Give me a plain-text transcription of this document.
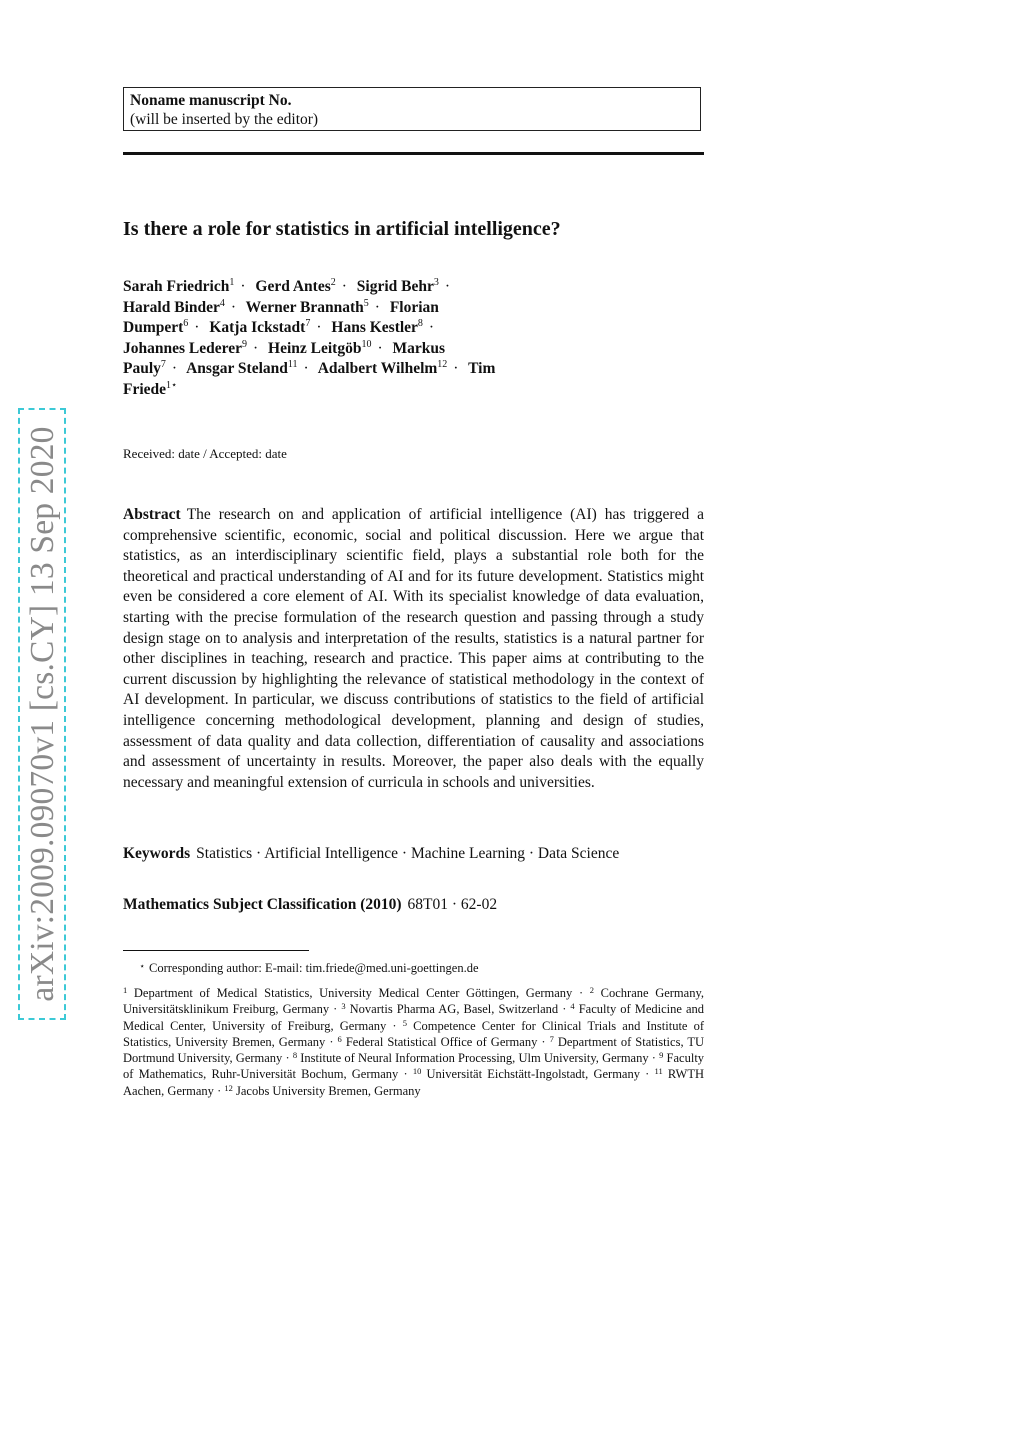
Noname manuscript No.
(will be inserted by the editor)
Is there a role for statistics in artificial intelligence?
Sarah Friedrich$^1$ · Gerd Antes$^2$ · Sigrid Behr$^3$ · Harald Binder$^4$ · Werner Brannath$^5$ · Florian Dumpert$^6$ · Katja Ickstadt$^7$ · Hans Kestler$^8$ · Johannes Lederer$^9$ · Heinz Leitgöb$^{10}$ · Markus Pauly$^7$ · Ansgar Steland$^{11}$ · Adalbert Wilhelm$^{12}$ · Tim Friede$^{1⋆}$
Received: date / Accepted: date
Abstract The research on and application of artificial intelligence (AI) has triggered a comprehensive scientific, economic, social and political discussion. Here we argue that statistics, as an interdisciplinary scientific field, plays a substantial role both for the theoretical and practical understanding of AI and for its future development. Statistics might even be considered a core element of AI. With its specialist knowledge of data evaluation, starting with the precise formulation of the research question and passing through a study design stage on to analysis and interpretation of the results, statistics is a natural partner for other disciplines in teaching, research and practice. This paper aims at contributing to the current discussion by highlighting the relevance of statistical methodology in the context of AI development. In particular, we discuss contributions of statistics to the field of artificial intelligence concerning methodological development, planning and design of studies, assessment of data quality and data collection, differentiation of causality and associations and assessment of uncertainty in results. Moreover, the paper also deals with the equally necessary and meaningful extension of curricula in schools and universities.
Keywords Statistics · Artificial Intelligence · Machine Learning · Data Science
Mathematics Subject Classification (2010) 68T01 · 62-02
⋆ Corresponding author: E-mail: tim.friede@med.uni-goettingen.de
$^1$ Department of Medical Statistics, University Medical Center Göttingen, Germany · $^2$ Cochrane Germany, Universitätsklinikum Freiburg, Germany · $^3$ Novartis Pharma AG, Basel, Switzerland · $^4$ Faculty of Medicine and Medical Center, University of Freiburg, Germany · $^5$ Competence Center for Clinical Trials and Institute of Statistics, University Bremen, Germany · $^6$ Federal Statistical Office of Germany · $^7$ Department of Statistics, TU Dortmund University, Germany · $^8$ Institute of Neural Information Processing, Ulm University, Germany · $^9$ Faculty of Mathematics, Ruhr-Universität Bochum, Germany · $^{10}$ Universität Eichstätt-Ingolstadt, Germany · $^{11}$ RWTH Aachen, Germany · $^{12}$ Jacobs University Bremen, Germany
arXiv:2009.09070v1 [cs.CY] 13 Sep 2020
